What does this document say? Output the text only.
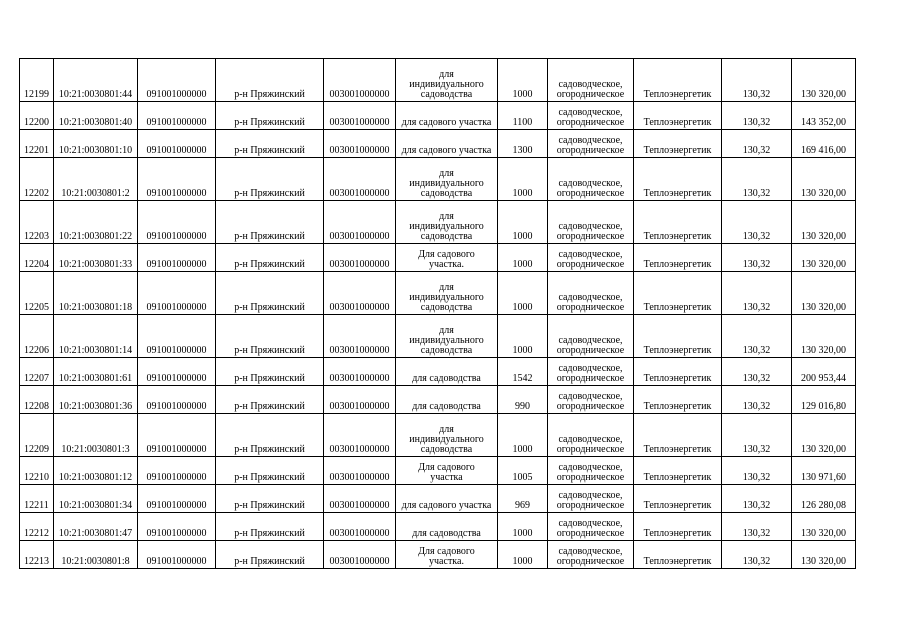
12199	10:21:0030801:44	091001000000	р-н Пряжинский	003001000000	для
индивидуального
садоводства	1000	садоводческое,
огородническое	Теплоэнергетик	130,32	130 320,00
12200	10:21:0030801:40	091001000000	р-н Пряжинский	003001000000	для садового участка	1100	садоводческое,
огородническое	Теплоэнергетик	130,32	143 352,00
12201	10:21:0030801:10	091001000000	р-н Пряжинский	003001000000	для садового участка	1300	садоводческое,
огородническое	Теплоэнергетик	130,32	169 416,00
12202	10:21:0030801:2	091001000000	р-н Пряжинский	003001000000	для
индивидуального
садоводства	1000	садоводческое,
огородническое	Теплоэнергетик	130,32	130 320,00
12203	10:21:0030801:22	091001000000	р-н Пряжинский	003001000000	для
индивидуального
садоводства	1000	садоводческое,
огородническое	Теплоэнергетик	130,32	130 320,00
12204	10:21:0030801:33	091001000000	р-н Пряжинский	003001000000	Для садового
участка.	1000	садоводческое,
огородническое	Теплоэнергетик	130,32	130 320,00
12205	10:21:0030801:18	091001000000	р-н Пряжинский	003001000000	для
индивидуального
садоводства	1000	садоводческое,
огородническое	Теплоэнергетик	130,32	130 320,00
12206	10:21:0030801:14	091001000000	р-н Пряжинский	003001000000	для
индивидуального
садоводства	1000	садоводческое,
огородническое	Теплоэнергетик	130,32	130 320,00
12207	10:21:0030801:61	091001000000	р-н Пряжинский	003001000000	для садоводства	1542	садоводческое,
огородническое	Теплоэнергетик	130,32	200 953,44
12208	10:21:0030801:36	091001000000	р-н Пряжинский	003001000000	для садоводства	990	садоводческое,
огородническое	Теплоэнергетик	130,32	129 016,80
12209	10:21:0030801:3	091001000000	р-н Пряжинский	003001000000	для
индивидуального
садоводства	1000	садоводческое,
огородническое	Теплоэнергетик	130,32	130 320,00
12210	10:21:0030801:12	091001000000	р-н Пряжинский	003001000000	Для садового
участка	1005	садоводческое,
огородническое	Теплоэнергетик	130,32	130 971,60
12211	10:21:0030801:34	091001000000	р-н Пряжинский	003001000000	для садового участка	969	садоводческое,
огородническое	Теплоэнергетик	130,32	126 280,08
12212	10:21:0030801:47	091001000000	р-н Пряжинский	003001000000	для садоводства	1000	садоводческое,
огородническое	Теплоэнергетик	130,32	130 320,00
12213	10:21:0030801:8	091001000000	р-н Пряжинский	003001000000	Для садового
участка.	1000	садоводческое,
огородническое	Теплоэнергетик	130,32	130 320,00
